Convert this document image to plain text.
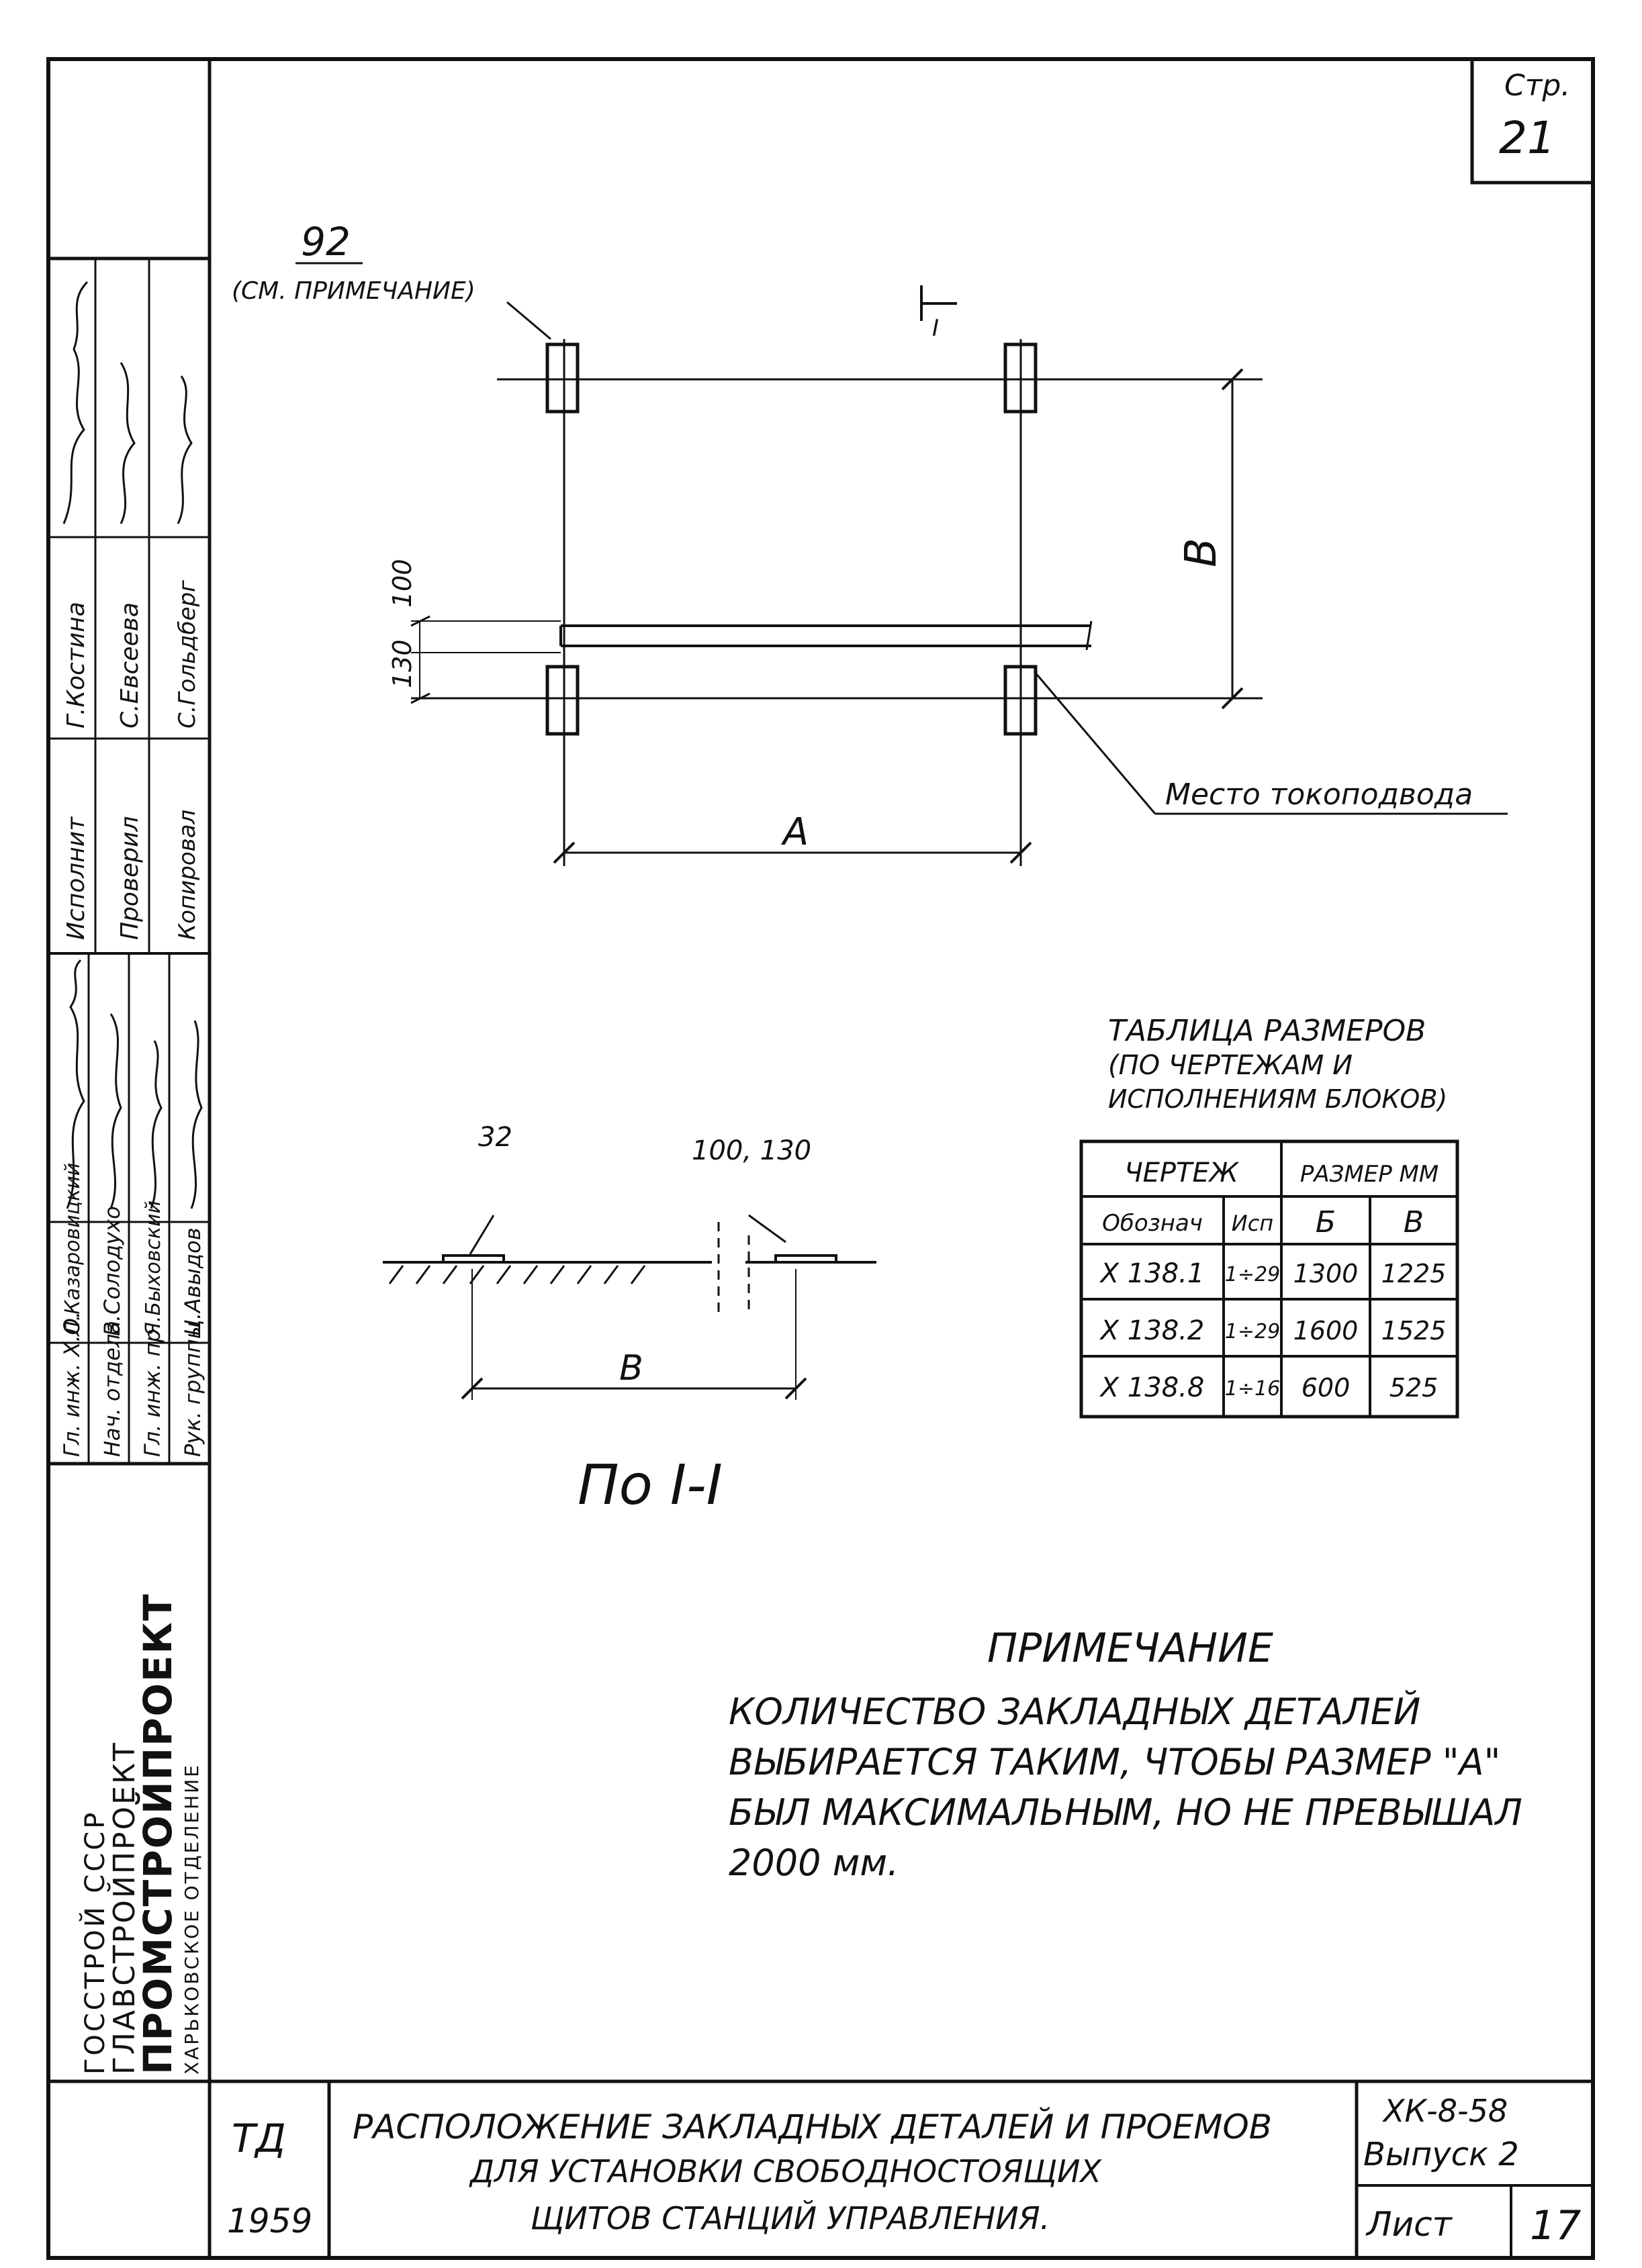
Стр.
21
92
(СМ. ПРИМЕЧАНИЕ)
I
100
130
В
А
Место токоподвода
32	100, 130
В
По I-I
ТАБЛИЦА РАЗМЕРОВ
(ПО ЧЕРТЕЖАМ И
ИСПОЛНЕНИЯМ БЛОКОВ)
ЧЕРТЕЖ	РАЗМЕР ММ
Обознач Исп Б В
Х 138.1 1÷29 1300 1225
Х 138.2 1÷29 1600 1525
Х 138.8 1÷16 600 525
ПРИМЕЧАНИЕ
КОЛИЧЕСТВО ЗАКЛАДНЫХ ДЕТАЛЕЙ
ВЫБИРАЕТСЯ ТАКИМ, ЧТОБЫ РАЗМЕР "А"
БЫЛ МАКСИМАЛЬНЫМ, НО НЕ ПРЕВЫШАЛ
2000 мм.
Исполнит Проверил Копировал
Г.Костина С.Евсеева С.Гольдберг
Гл. инж. Х.О. Нач. отдела Гл. инж. пр. Рук. группы
Л.Казаровицкий В.Солодухо Я.Быховский Ц.Авыдов
ГОССТРОЙ СССР
ГЛАВСТРОЙПРОЕКТ
ПРОМСТРОЙПРОЕКТ ХАРЬКОВСКОЕ ОТДЕЛЕНИЕ
ТД
1959
РАСПОЛОЖЕНИЕ ЗАКЛАДНЫХ ДЕТАЛЕЙ И ПРОЕМОВ
ДЛЯ УСТАНОВКИ СВОБОДНОСТОЯЩИХ
ЩИТОВ СТАНЦИЙ УПРАВЛЕНИЯ.
ХК-8-58
Выпуск 2
Лист 17
